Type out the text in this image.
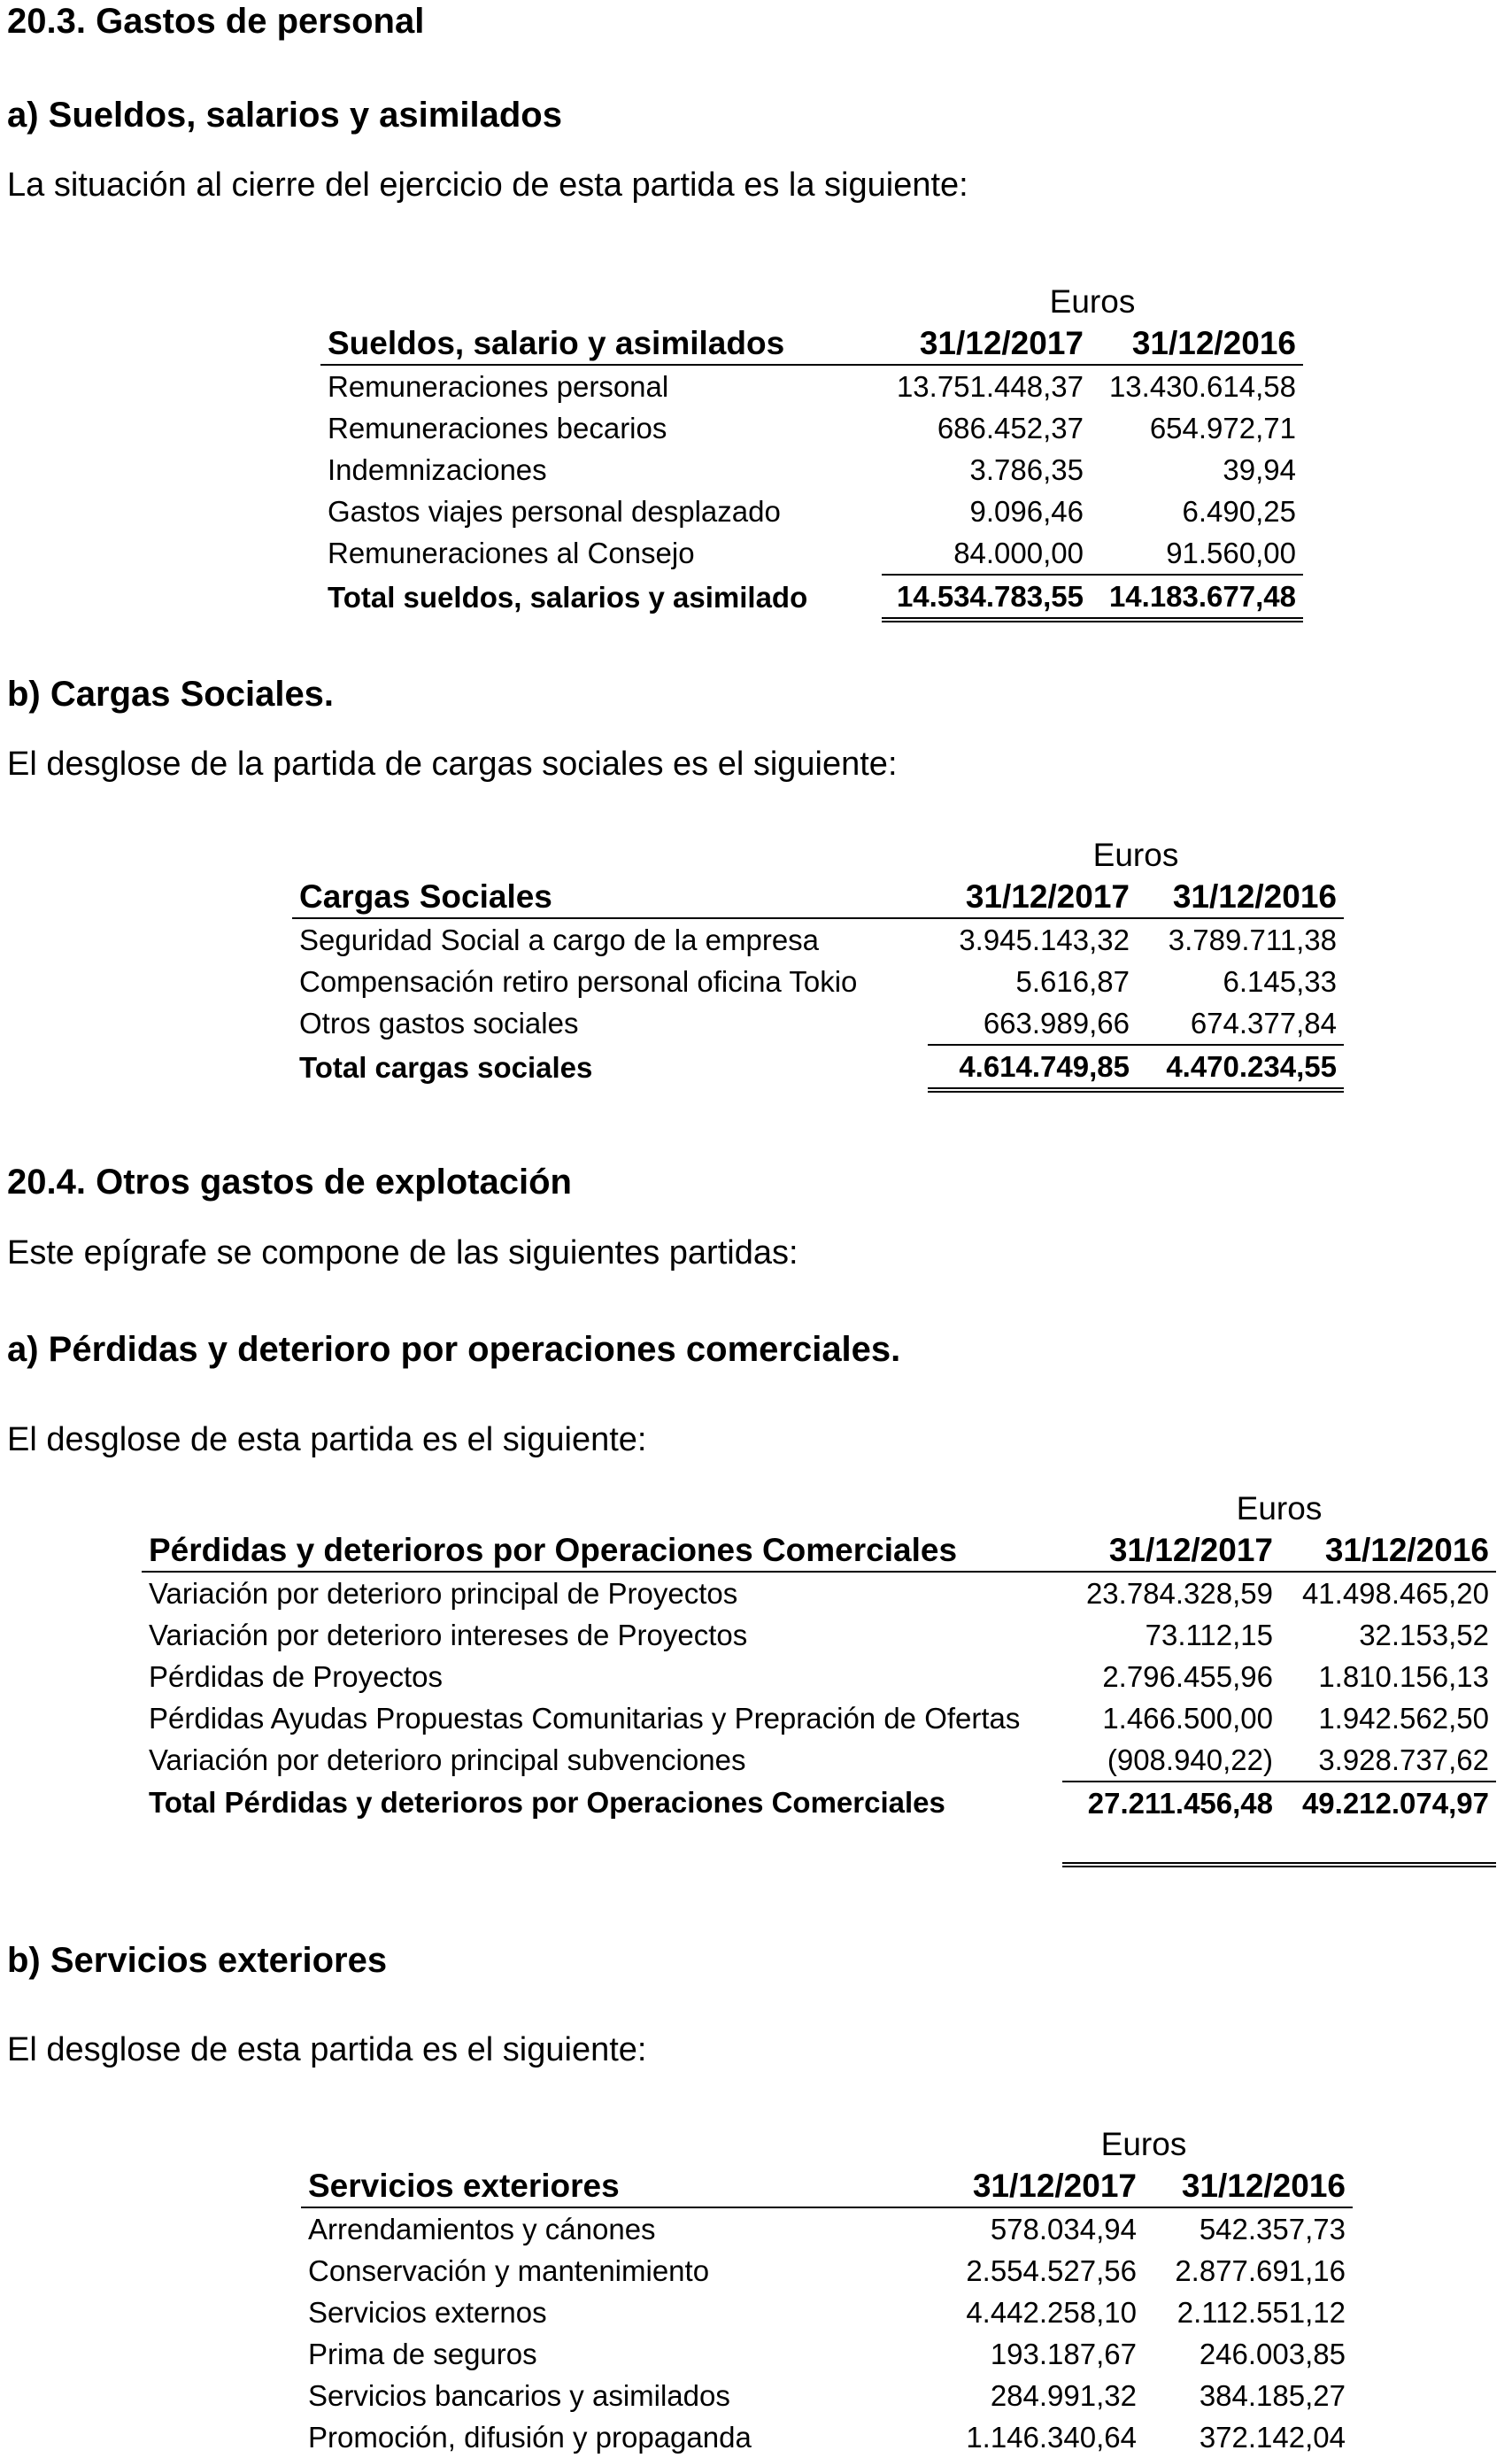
20.3. Gastos de personal
a) Sueldos, salarios y asimilados
La situación al cierre del ejercicio de esta partida es la siguiente:
	Euros	
Sueldos, salario y asimilados	31/12/2017	31/12/2016
Remuneraciones personal	13.751.448,37	13.430.614,58
Remuneraciones becarios	686.452,37	654.972,71
Indemnizaciones	3.786,35	39,94
Gastos viajes personal desplazado	9.096,46	6.490,25
Remuneraciones al Consejo	84.000,00	91.560,00
Total sueldos, salarios y asimilado	14.534.783,55	14.183.677,48
b) Cargas Sociales.
El desglose de la partida de cargas sociales es el siguiente:
	Euros	
Cargas Sociales	31/12/2017	31/12/2016
Seguridad Social a cargo de la empresa	3.945.143,32	3.789.711,38
Compensación retiro personal oficina Tokio	5.616,87	6.145,33
Otros gastos sociales	663.989,66	674.377,84
Total cargas sociales	4.614.749,85	4.470.234,55
20.4. Otros gastos de explotación
Este epígrafe se compone de las siguientes partidas:
a) Pérdidas y deterioro por operaciones comerciales.
El desglose de esta partida es el siguiente:
	Euros	
Pérdidas y deterioros por Operaciones Comerciales	31/12/2017	31/12/2016
Variación por deterioro principal de Proyectos	23.784.328,59	41.498.465,20
Variación por deterioro intereses de Proyectos	73.112,15	32.153,52
Pérdidas de Proyectos	2.796.455,96	1.810.156,13
Pérdidas Ayudas Propuestas Comunitarias y Prepración de Ofertas	1.466.500,00	1.942.562,50
Variación por deterioro principal subvenciones	(908.940,22)	3.928.737,62
Total Pérdidas y deterioros por Operaciones Comerciales	27.211.456,48	49.212.074,97
b) Servicios exteriores
El desglose de esta partida es el siguiente:
	Euros	
Servicios exteriores	31/12/2017	31/12/2016
Arrendamientos y cánones	578.034,94	542.357,73
Conservación y mantenimiento	2.554.527,56	2.877.691,16
Servicios externos	4.442.258,10	2.112.551,12
Prima de seguros	193.187,67	246.003,85
Servicios bancarios y asimilados	284.991,32	384.185,27
Promoción, difusión y propaganda	1.146.340,64	372.142,04
